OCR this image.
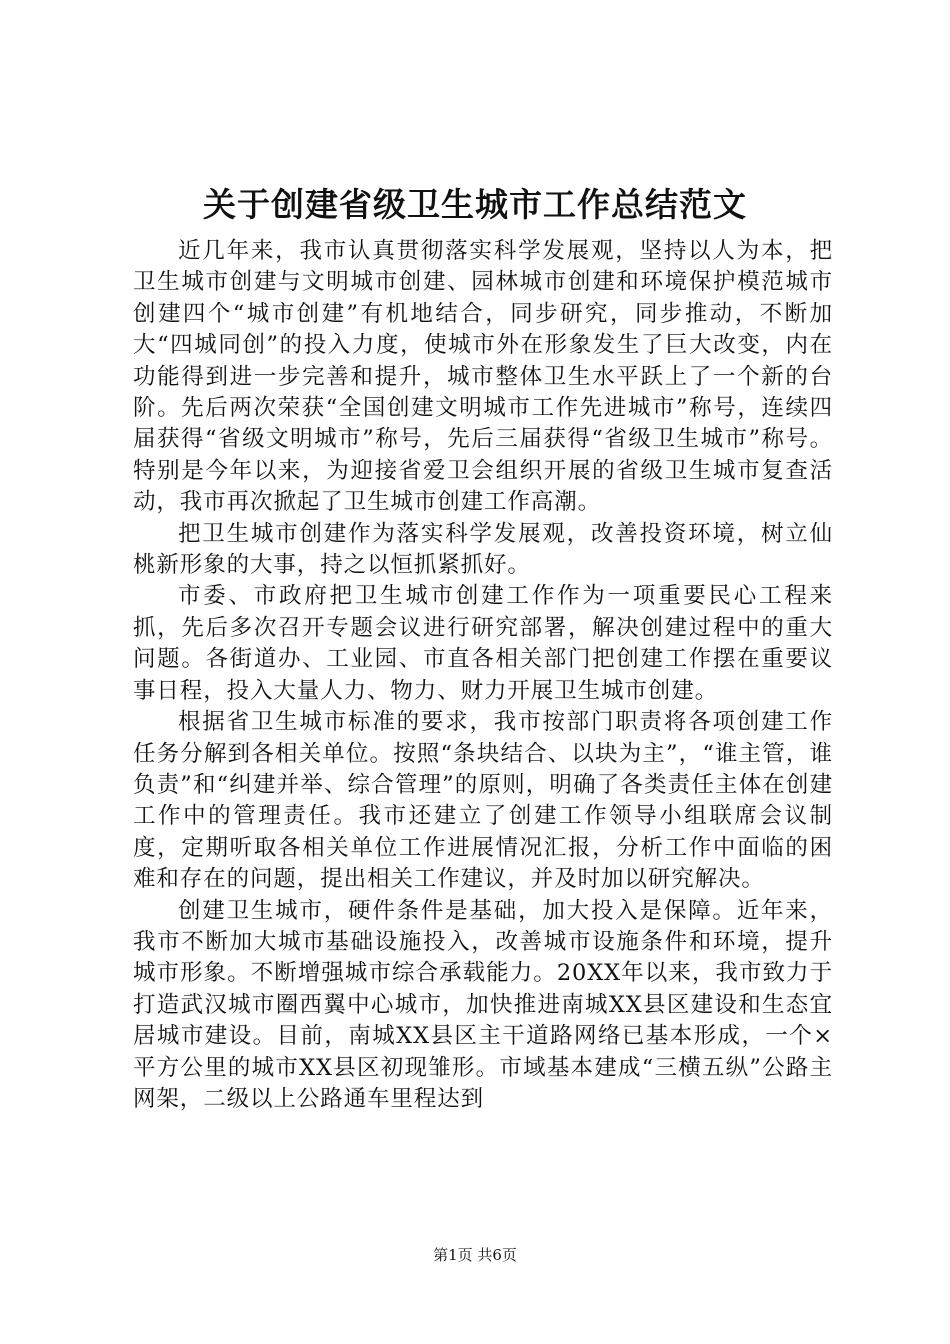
关于创建省级卫生城市工作总结范文

近几年来，我市认真贯彻落实科学发展观，坚持以人为本，把卫生城市创建与文明城市创建、园林城市创建和环境保护模范城市创建四个“城市创建”有机地结合，同步研究，同步推动，不断加大“四城同创”的投入力度，使城市外在形象发生了巨大改变，内在功能得到进一步完善和提升，城市整体卫生水平跃上了一个新的台阶。先后两次荣获“全国创建文明城市工作先进城市”称号，连续四届获得“省级文明城市”称号，先后三届获得“省级卫生城市”称号。特别是今年以来，为迎接省爱卫会组织开展的省级卫生城市复查活动，我市再次掀起了卫生城市创建工作高潮。

把卫生城市创建作为落实科学发展观，改善投资环境，树立仙桃新形象的大事，持之以恒抓紧抓好。

市委、市政府把卫生城市创建工作作为一项重要民心工程来抓，先后多次召开专题会议进行研究部署，解决创建过程中的重大问题。各街道办、工业园、市直各相关部门把创建工作摆在重要议事日程，投入大量人力、物力、财力开展卫生城市创建。

根据省卫生城市标准的要求，我市按部门职责将各项创建工作任务分解到各相关单位。按照“条块结合、以块为主”，“谁主管，谁负责”和“纠建并举、综合管理”的原则，明确了各类责任主体在创建工作中的管理责任。我市还建立了创建工作领导小组联席会议制度，定期听取各相关单位工作进展情况汇报，分析工作中面临的困难和存在的问题，提出相关工作建议，并及时加以研究解决。

创建卫生城市，硬件条件是基础，加大投入是保障。近年来，我市不断加大城市基础设施投入，改善城市设施条件和环境，提升城市形象。不断增强城市综合承载能力。20XX年以来，我市致力于打造武汉城市圈西翼中心城市，加快推进南城XX县区建设和生态宜居城市建设。目前，南城XX县区主干道路网络已基本形成，一个×平方公里的城市XX县区初现雏形。市域基本建成“三横五纵”公路主网架，二级以上公路通车里程达到

第1页 共6页
